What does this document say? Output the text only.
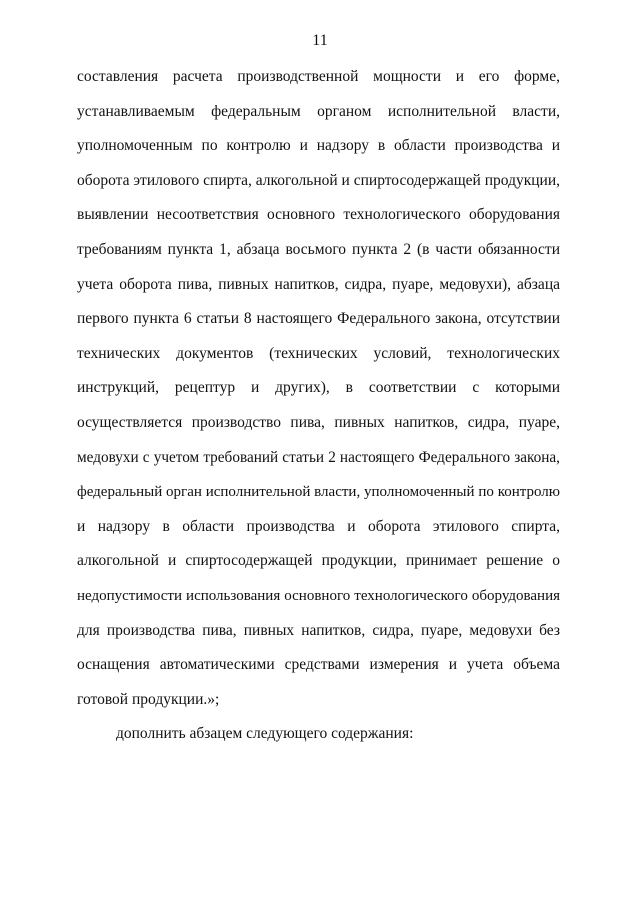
11
составления расчета производственной мощности и его форме,
устанавливаемым федеральным органом исполнительной власти,
уполномоченным по контролю и надзору в области производства и
оборота этилового спирта, алкогольной и спиртосодержащей продукции,
выявлении несоответствия основного технологического оборудования
требованиям пункта 1, абзаца восьмого пункта 2 (в части обязанности
учета оборота пива, пивных напитков, сидра, пуаре, медовухи), абзаца
первого пункта 6 статьи 8 настоящего Федерального закона, отсутствии
технических документов (технических условий, технологических
инструкций, рецептур и других), в соответствии с которыми
осуществляется производство пива, пивных напитков, сидра, пуаре,
медовухи с учетом требований статьи 2 настоящего Федерального закона,
федеральный орган исполнительной власти, уполномоченный по контролю
и надзору в области производства и оборота этилового спирта,
алкогольной и спиртосодержащей продукции, принимает решение о
недопустимости использования основного технологического оборудования
для производства пива, пивных напитков, сидра, пуаре, медовухи без
оснащения автоматическими средствами измерения и учета объема
готовой продукции.»;
дополнить абзацем следующего содержания:
